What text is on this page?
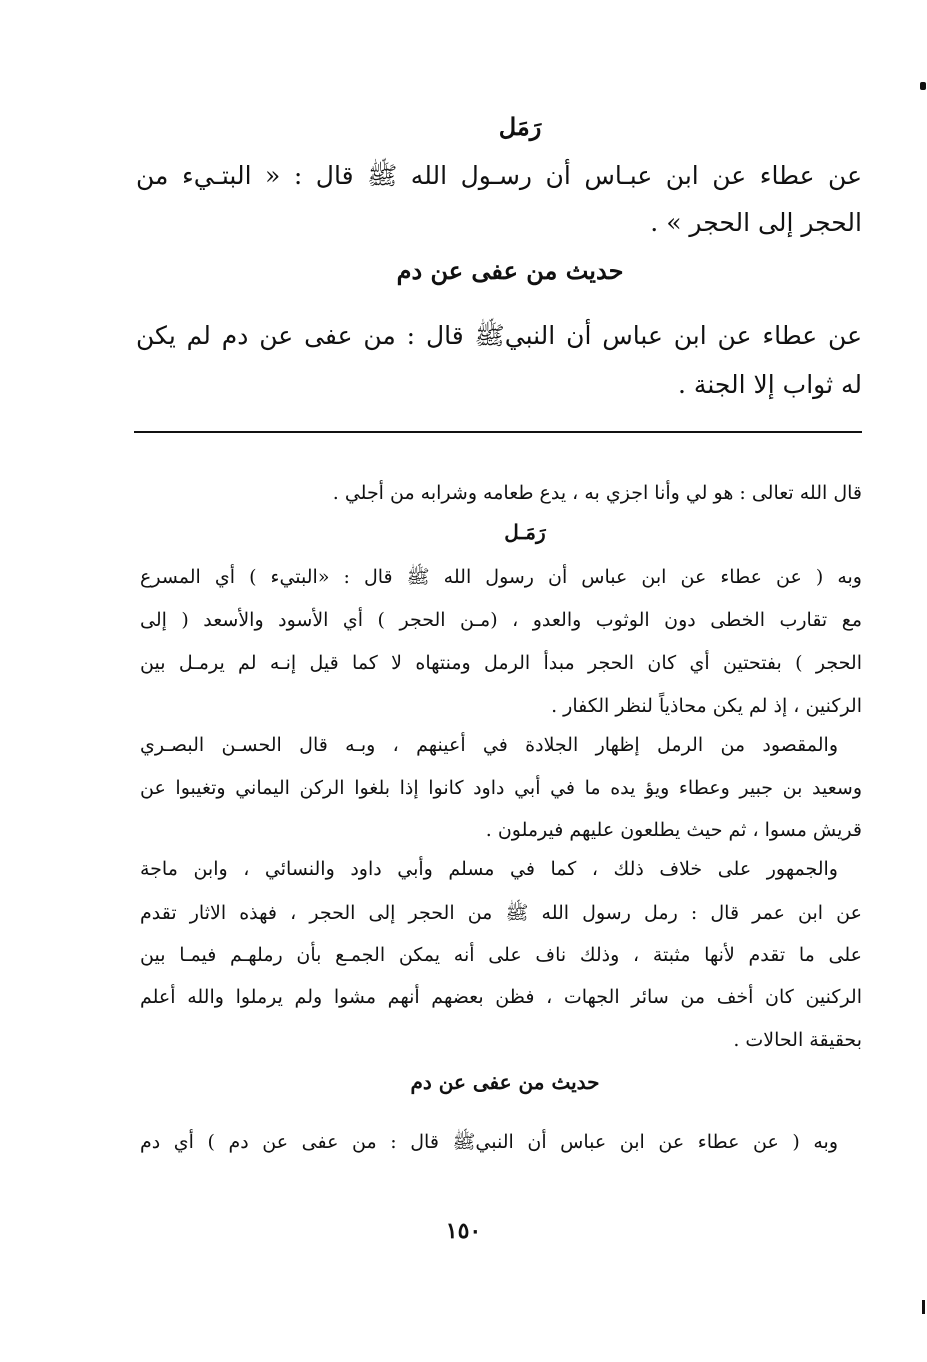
رَمَل
عن عطاء عن ابن عبـاس أن رسـول الله ﷺ قال : « البتـيء من
الحجر إلى الحجر » .
حديث من عفى عن دم
عن عطاء عن ابن عباس أن النبيﷺ قال : من عفى عن دم لم يكن
له ثواب إلا الجنة .
قال الله تعالى : هو لي وأنا اجزي به ، يدع طعامه وشرابه من أجلي .
رَمَـل
وبه ( عن عطاء عن ابن عباس أن رسول الله ﷺ قال : «البتيء ) أي المسرع
مع تقارب الخطى دون الوثوب والعدو ، (مـن الحجر ) أي الأسود والأسعد ( إلى
الحجر ) بفتحتين أي كان الحجر مبدأ الرمل ومنتهاه لا كما قيل إنـه لم يرمـل بين
الركنين ، إذ لم يكن محاذياً لنظر الكفار .
والمقصود من الرمل إظهار الجلادة في أعينهم ، وبـه قال الحسـن البصـري
وسعيد بن جبير وعطاء ويؤ يده ما في أبي داود كانوا إذا بلغوا الركن اليماني وتغيبوا عن
قريش مسوا ، ثم حيث يطلعون عليهم فيرملون .
والجمهور على خلاف ذلك ، كما في مسلم وأبي داود والنسائي ، وابن ماجة
عن ابن عمر قال : رمل رسول الله ﷺ من الحجر إلى الحجر ، فهذه الاثار تقدم
على ما تقدم لأنها مثبتة ، وذلك ناف على أنه يمكن الجمـع بأن رملهـم فيمـا بين
الركنين كان أخف من سائر الجهات ، فظن بعضهم أنهم مشوا ولم يرملوا والله أعلم
بحقيقة الحالات .
حديث من عفى عن دم
وبه ( عن عطاء عن ابن عباس أن النبيﷺ قال : من عفى عن دم ) أي دم
١٥٠
